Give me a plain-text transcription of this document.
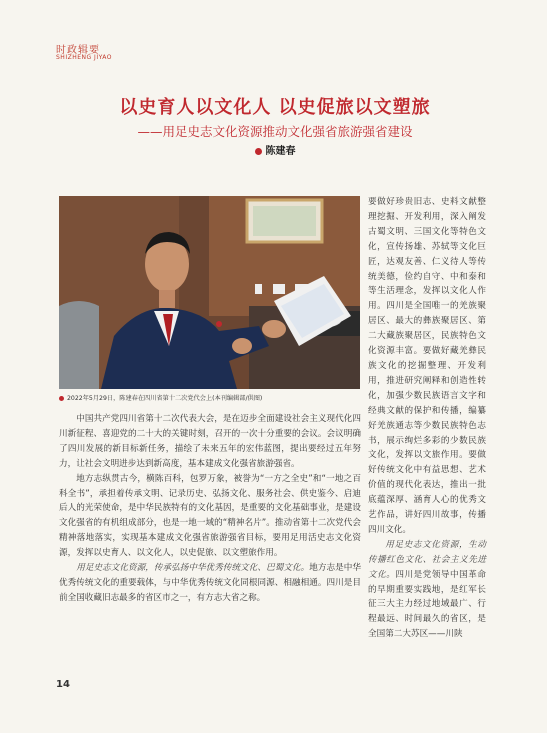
时政辑要
SHIZHENG JIYAO
以史育人以文化人 以史促旅以文塑旅
——用足史志文化资源推动文化强省旅游强省建设
陈建春
2022年5月29日，陈建春在四川省第十二次党代会上(本刊编辑部/供图)

中国共产党四川省第十二次代表大会，是在迈步全面建设社会主义现代化四川新征程、喜迎党的二十大的关键时刻，召开的一次十分重要的会议。会议明确了四川发展的新目标新任务，描绘了未来五年的宏伟蓝图，提出要经过五年努力，让社会文明进步达到新高度，基本建成文化强省旅游强省。

地方志纵贯古今，横陈百科，包罗万象，被誉为“一方之全史”和“一地之百科全书”，承担着传承文明、记录历史、弘扬文化、服务社会、供史鉴今、启迪后人的光荣使命，是中华民族特有的文化基因，是重要的文化基础事业，是建设文化强省的有机组成部分，也是一地一域的“精神名片”。推动省第十二次党代会精神落地落实，实现基本建成文化强省旅游强省目标，要用足用活史志文化资源，发挥以史育人、以文化人，以史促旅、以文塑旅作用。

用足史志文化资源，传承弘扬中华优秀传统文化、巴蜀文化。地方志是中华优秀传统文化的重要载体，与中华优秀传统文化同根同源、相融相通。四川是目前全国收藏旧志最多的省区市之一，有方志大省之称。

要做好珍贵旧志、史料文献整理挖掘、开发利用，深入阐发古蜀文明、三国文化等特色文化，宣传扬雄、苏轼等文化巨匠，达观友善、仁义待人等传统美德，俭约自守、中和泰和等生活理念，发挥以文化人作用。四川是全国唯一的羌族聚居区、最大的彝族聚居区、第二大藏族聚居区，民族特色文化资源丰富。要做好藏羌彝民族文化的挖掘整理、开发利用，推进研究阐释和创造性转化，加强少数民族语言文字和经典文献的保护和传播，编纂好羌族通志等少数民族特色志书，展示绚烂多彩的少数民族文化，发挥以文旅作用。要做好传统文化中有益思想、艺术价值的现代化表达，推出一批底蕴深厚、涵育人心的优秀文艺作品，讲好四川故事，传播四川文化。

用足史志文化资源，生动传播红色文化、社会主义先进文化。四川是党领导中国革命的早期重要实践地，是红军长征三大主力经过地域最广、行程最远、时间最久的省区，是全国第二大苏区——川陕

14
